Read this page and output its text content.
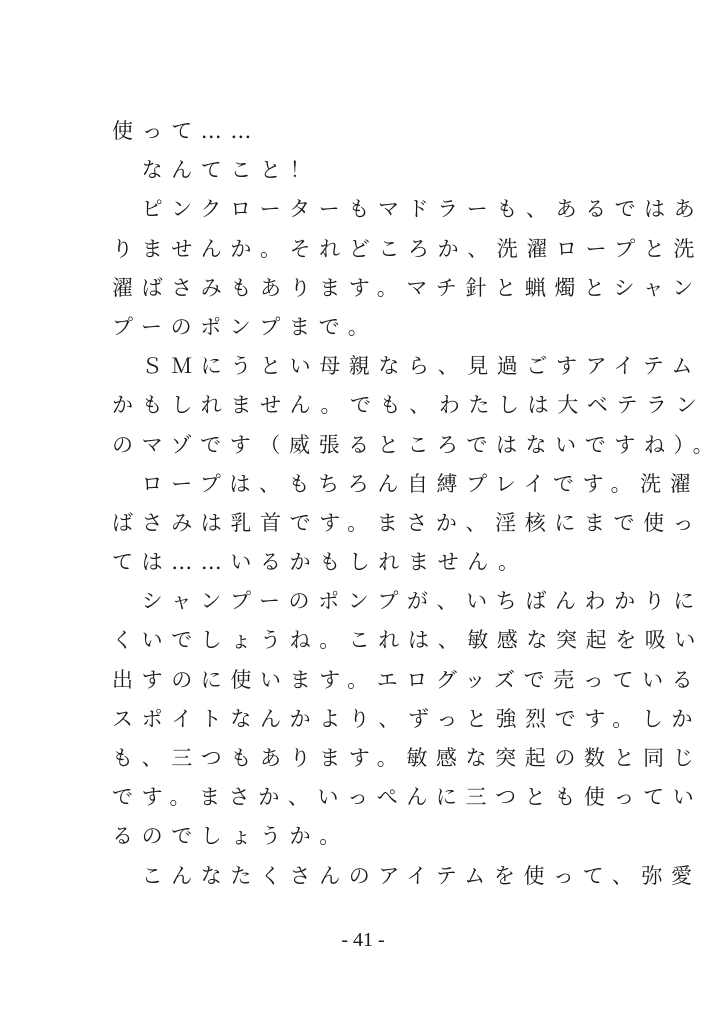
使って……
　なんてこと！
　ピンクローターもマドラーも、あるではあ
りませんか。それどころか、洗濯ロープと洗
濯ばさみもあります。マチ針と蝋燭とシャン
プーのポンプまで。
　ＳＭにうとい母親なら、見過ごすアイテム
かもしれません。でも、わたしは大ベテラン
のマゾです（威張るところではないですね）。
　ロープは、もちろん自縛プレイです。洗濯
ばさみは乳首です。まさか、淫核にまで使っ
ては……いるかもしれません。
　シャンプーのポンプが、いちばんわかりに
くいでしょうね。これは、敏感な突起を吸い
出すのに使います。エログッズで売っている
スポイトなんかより、ずっと強烈です。しか
も、三つもあります。敏感な突起の数と同じ
です。まさか、いっぺんに三つとも使ってい
るのでしょうか。
　こんなたくさんのアイテムを使って、弥愛
- 41 -
